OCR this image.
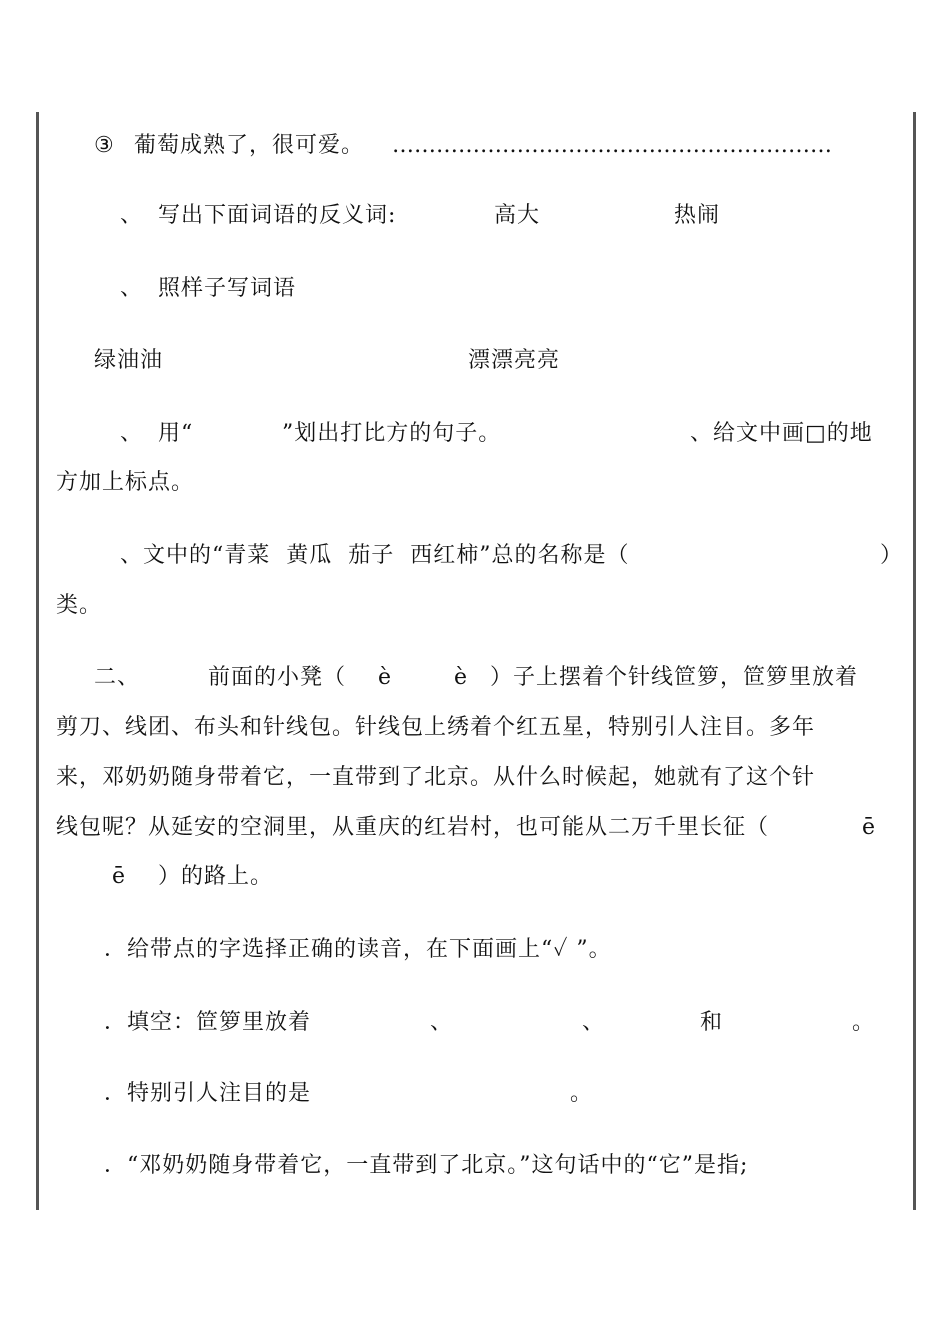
③ 葡萄成熟了，很可爱。 ……………………………………………………
、 写出下面词语的反义词:	高大	热闹
、 照样子写词语
绿油油	漂漂亮亮
、 用“	”划出打比方的句子。	、给文中画□的地
方加上标点。
、文中的“青菜  黄瓜  茄子  西红柿”总的名称是（	）
类。
二、	前面的小凳（ è	è ）子上摆着个针线笸箩，笸箩里放着
剪刀、线团、布头和针线包。针线包上绣着个红五星，特别引人注目。多年
来，邓奶奶随身带着它，一直带到了北京。从什么时候起，她就有了这个针
线包呢？从延安的空洞里，从重庆的红岩村，也可能从二万千里长征（	ē
ē ）的路上。
．给带点的字选择正确的读音，在下面画上“✓ ”。
．填空：笸箩里放着	、	、	和	。
．特别引人注目的是	。
．“邓奶奶随身带着它，一直带到了北京。”这句话中的“它”是指;
